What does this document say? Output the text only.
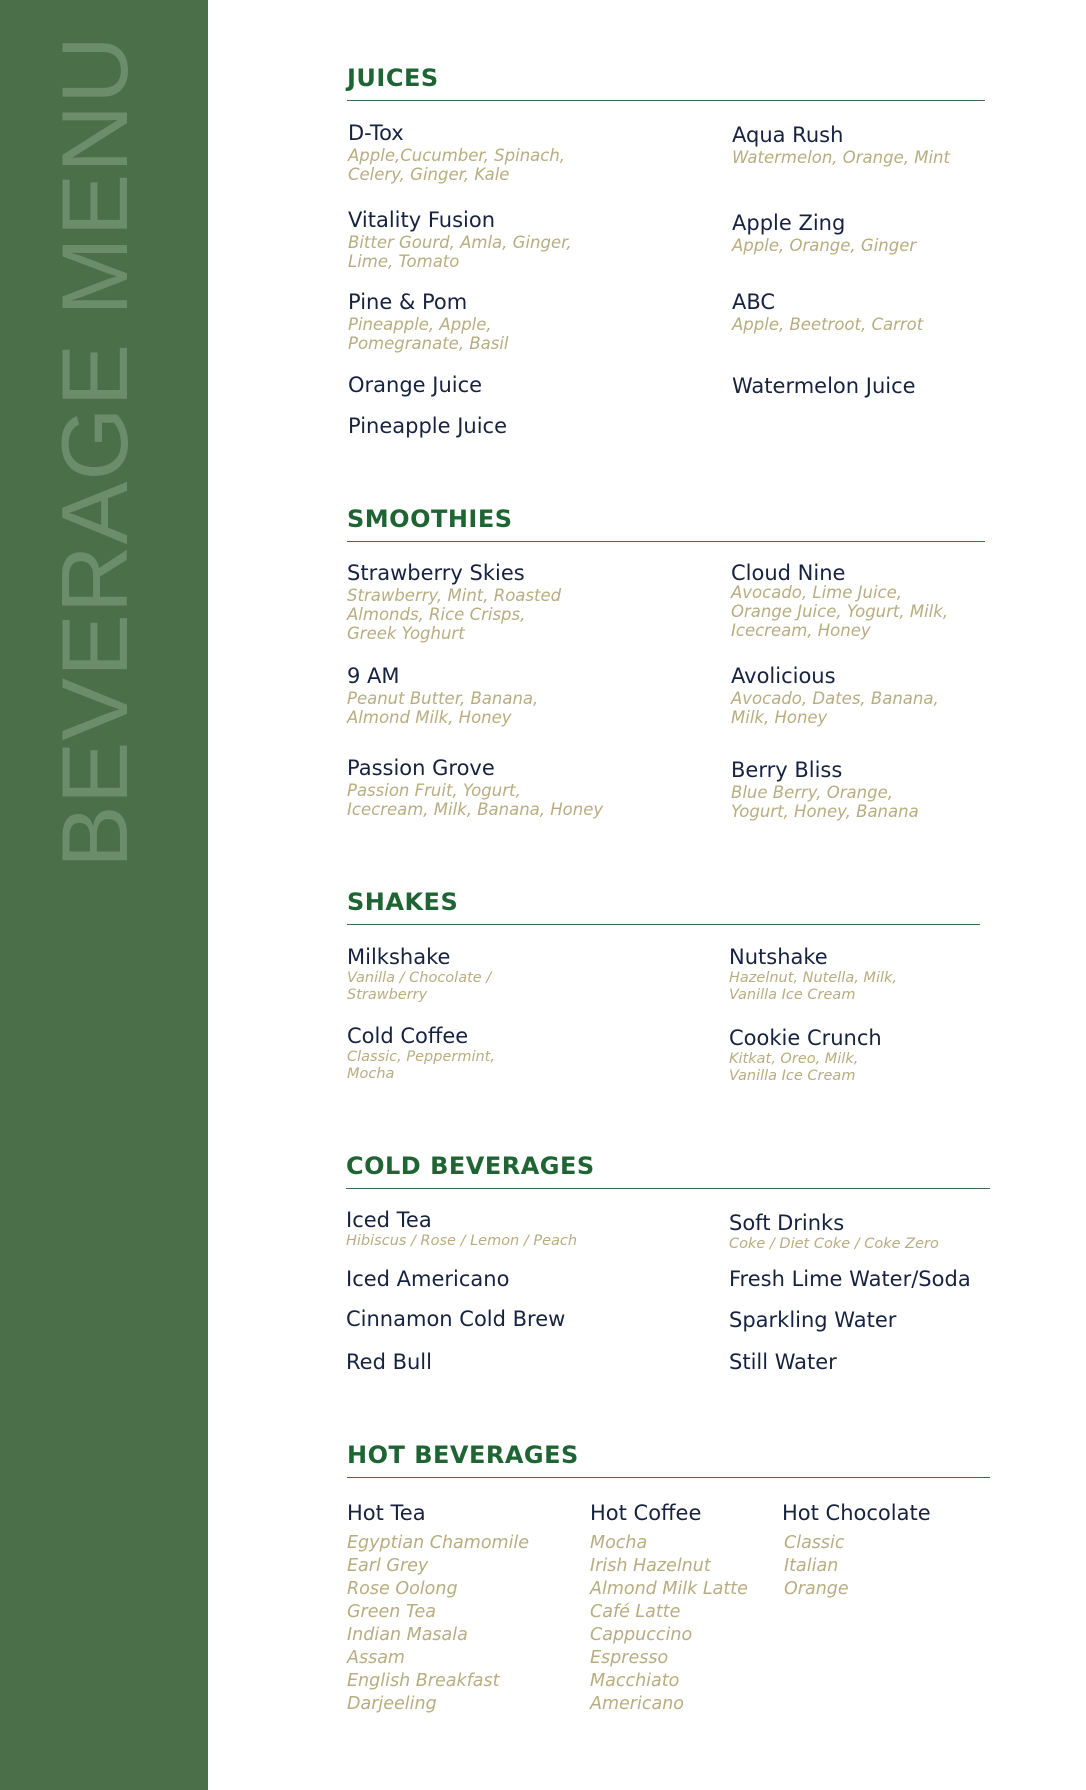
BEVERAGE MENU	JUICES
D-Tox
Apple,Cucumber, Spinach,
Celery, Ginger, Kale
Aqua Rush
Watermelon, Orange, Mint
Vitality Fusion
Bitter Gourd, Amla, Ginger,
Lime, Tomato
Apple Zing
Apple, Orange, Ginger
Pine & Pom
Pineapple, Apple,
Pomegranate, Basil
ABC
Apple, Beetroot, Carrot
Orange Juice	Watermelon Juice
Pineapple Juice
SMOOTHIES
Strawberry Skies
Strawberry, Mint, Roasted
Almonds, Rice Crisps,
Greek Yoghurt
Cloud Nine
Avocado, Lime Juice,
Orange Juice, Yogurt, Milk,
Icecream, Honey
9 AM
Peanut Butter, Banana,
Almond Milk, Honey
Avolicious
Avocado, Dates, Banana,
Milk, Honey
Passion Grove
Passion Fruit, Yogurt,
Icecream, Milk, Banana, Honey
Berry Bliss
Blue Berry, Orange,
Yogurt, Honey, Banana
SHAKES
Milkshake
Vanilla / Chocolate /
Strawberry
Nutshake
Hazelnut, Nutella, Milk,
Vanilla Ice Cream
Cold Coffee
Classic, Peppermint,
Mocha
Cookie Crunch
Kitkat, Oreo, Milk,
Vanilla Ice Cream
COLD BEVERAGES
Iced Tea
Hibiscus / Rose / Lemon / Peach
Soft Drinks
Coke / Diet Coke / Coke Zero
Iced Americano	Fresh Lime Water/Soda
Cinnamon Cold Brew	Sparkling Water
Red Bull	Still Water
HOT BEVERAGES
Hot Tea
Egyptian Chamomile
Earl Grey
Rose Oolong
Green Tea
Indian Masala
Assam
English Breakfast
Darjeeling
Hot Coffee
Mocha
Irish Hazelnut
Almond Milk Latte
Café Latte
Cappuccino
Espresso
Macchiato
Americano
Hot Chocolate
Classic
Italian
Orange
